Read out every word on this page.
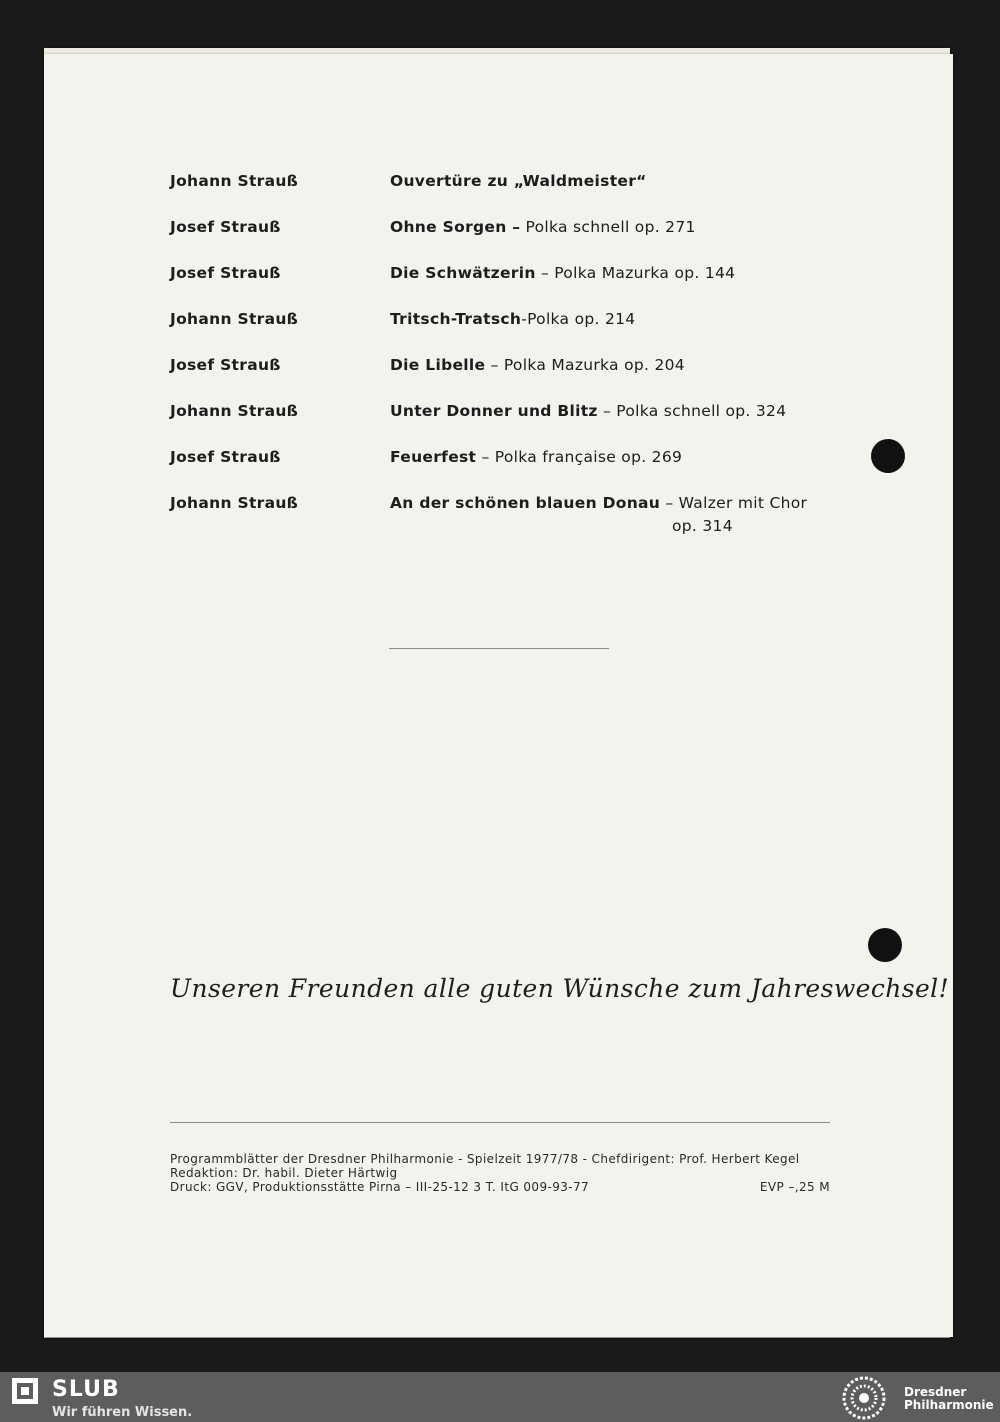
Johann Strauß	Ouvertüre zu „Waldmeister“
Josef Strauß	Ohne Sorgen – Polka schnell op. 271
Josef Strauß	Die Schwätzerin – Polka Mazurka op. 144
Johann Strauß	Tritsch-Tratsch-Polka op. 214
Josef Strauß	Die Libelle – Polka Mazurka op. 204
Johann Strauß	Unter Donner und Blitz – Polka schnell op. 324
Josef Strauß	Feuerfest – Polka française op. 269
Johann Strauß	An der schönen blauen Donau – Walzer mit Chor
op. 314
Unseren Freunden alle guten Wünsche zum Jahreswechsel!
Programmblätter der Dresdner Philharmonie - Spielzeit 1977/78 - Chefdirigent: Prof. Herbert Kegel
Redaktion: Dr. habil. Dieter Härtwig
Druck: GGV, Produktionsstätte Pirna – III-25-12 3 T. ItG 009-93-77	EVP –,25 M
SLUB
Wir führen Wissen.
Dresdner
Philharmonie
